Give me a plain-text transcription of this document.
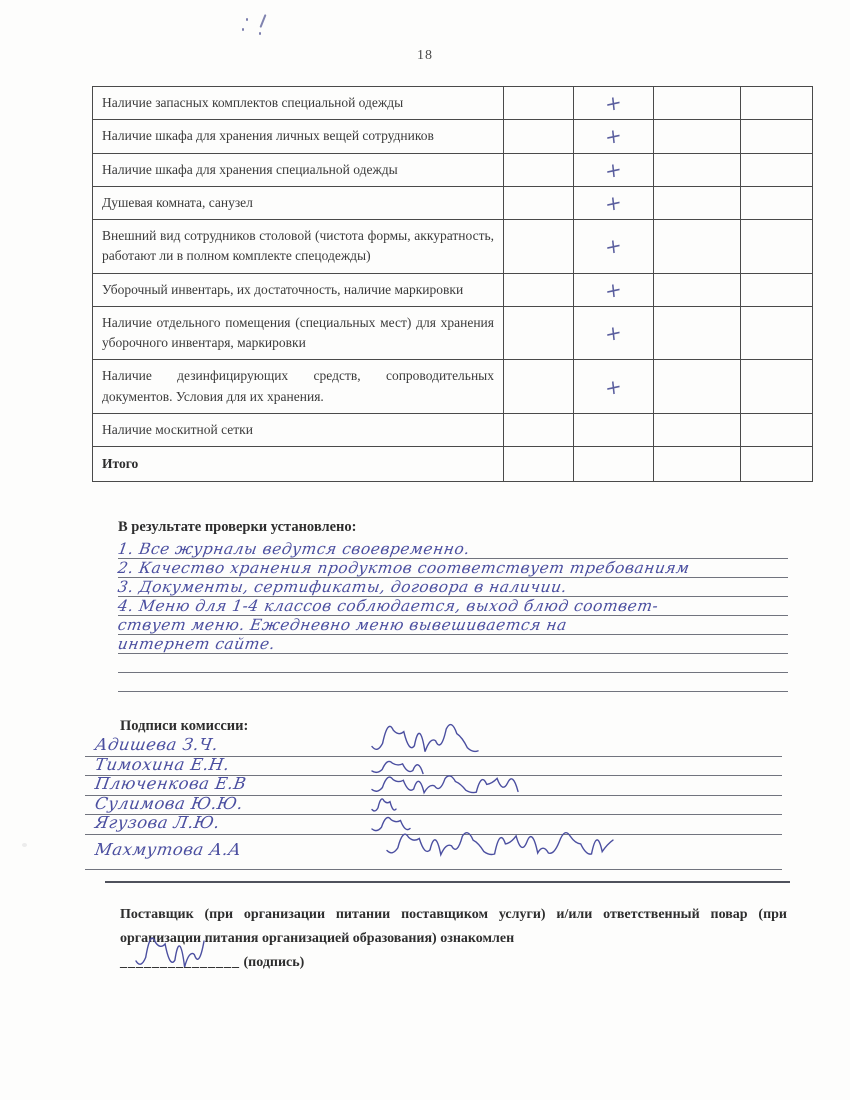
18
Наличие запасных комплектов специальной одежды		+		
Наличие шкафа для хранения личных вещей сотрудников		+		
Наличие шкафа для хранения специальной одежды		+		
Душевая комната, санузел		+		
Внешний вид сотрудников столовой (чистота формы, аккуратность, работают ли в полном комплекте спецодежды)		+		
Уборочный инвентарь, их достаточность, наличие маркировки		+		
Наличие отдельного помещения (специальных мест) для хранения уборочного инвентаря, маркировки		+		
Наличие дезинфицирующих средств, сопроводительных документов. Условия для их хранения.		+		
Наличие москитной сетки				
Итого				
В результате проверки установлено:
1. Все журналы ведутся своевременно.
2. Качество хранения продуктов соответствует требованиям
3. Документы, сертификаты, договора в наличии.
4. Меню для 1-4 классов соблюдается, выход блюд соответ-
ствует меню. Ежедневно меню вывешивается на
интернет сайте.
Подписи комиссии:
Адишева З.Ч.
Тимохина Е.Н.
Плюченкова Е.В
Сулимова Ю.Ю.
Ягузова Л.Ю.
Махмутова А.А

Поставщик (при организации питании поставщиком услуги) и/или ответственный повар (при организации питания организацией образования) ознакомлен

_______________ (подпись)
